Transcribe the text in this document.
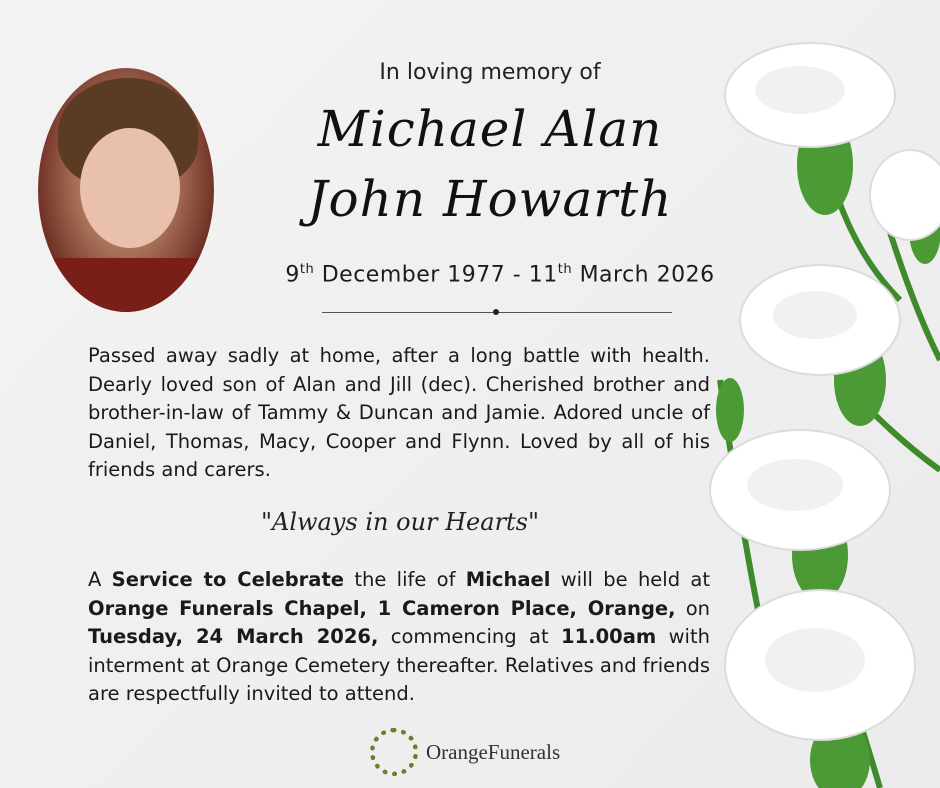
In loving memory of
Michael Alan
John Howarth
9th December 1977 - 11th March 2026
Passed away sadly at home, after a long battle with health. Dearly loved son of Alan and Jill (dec). Cherished brother and brother-in-law of Tammy & Duncan and Jamie. Adored uncle of Daniel, Thomas, Macy, Cooper and Flynn. Loved by all of his friends and carers.
"Always in our Hearts"
A Service to Celebrate the life of Michael will be held at Orange Funerals Chapel, 1 Cameron Place, Orange, on Tuesday, 24 March 2026, commencing at 11.00am with interment at Orange Cemetery thereafter. Relatives and friends are respectfully invited to attend.
OrangeFunerals
